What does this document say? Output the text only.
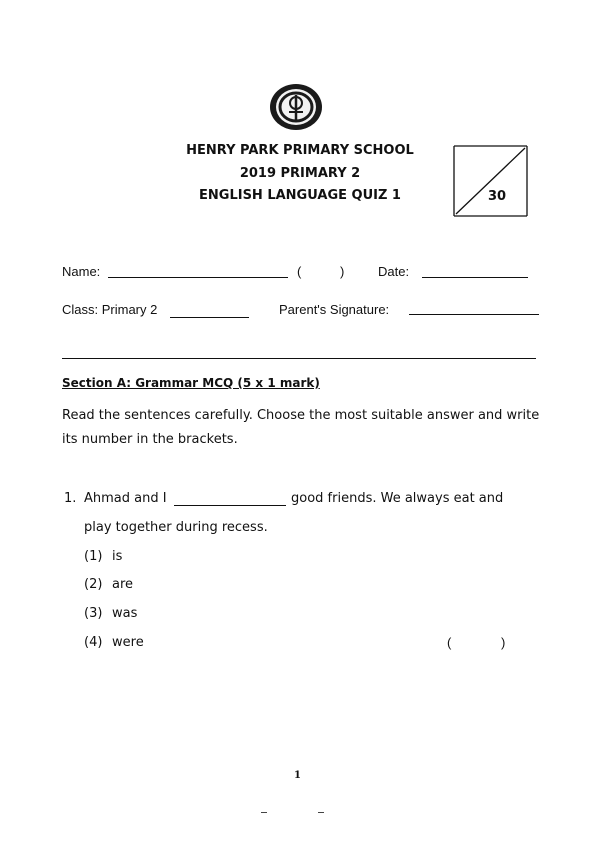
HENRY PARK PRIMARY SCHOOL
2019 PRIMARY 2
ENGLISH LANGUAGE QUIZ 1	30
Name:	(	)	Date:
Class: Primary 2	Parent's Signature:
Section A: Grammar MCQ (5 x 1 mark)
Read the sentences carefully. Choose the most suitable answer and write its number in the brackets.
1. Ahmad and I	good friends. We always eat and
play together during recess.
(1) is
(2) are
(3) was
(4) were	(	)
1
